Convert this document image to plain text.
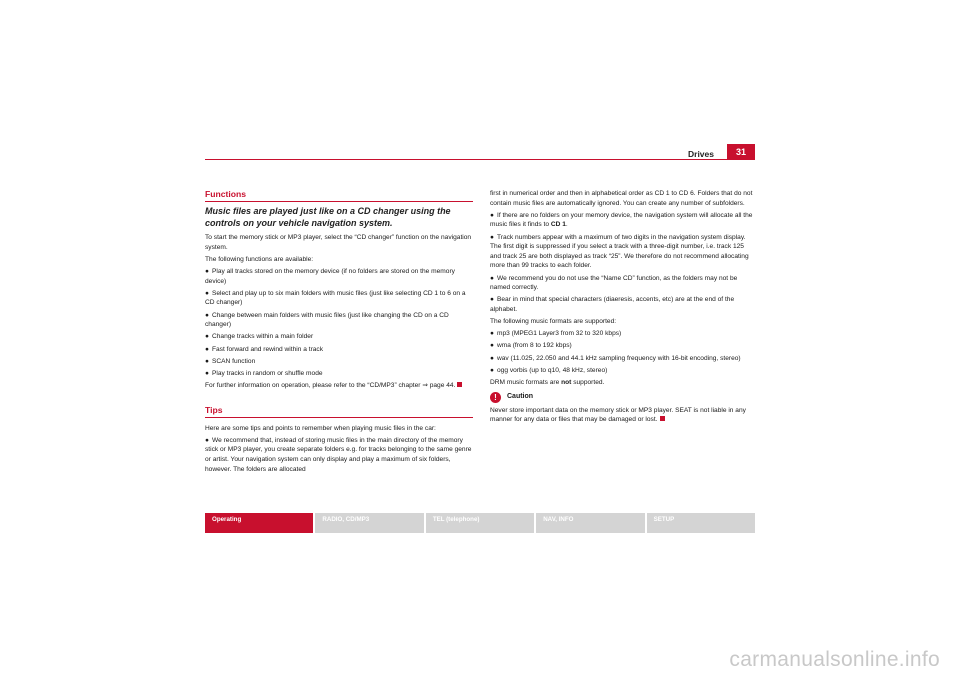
Drives	31
Functions
Music files are played just like on a CD changer using the controls on your vehicle navigation system.

To start the memory stick or MP3 player, select the “CD changer” function on the navigation system.

The following functions are available:

● Play all tracks stored on the memory device (if no folders are stored on the memory device)

● Select and play up to six main folders with music files (just like selecting CD 1 to 6 on a CD changer)

● Change between main folders with music files (just like changing the CD on a CD changer)

● Change tracks within a main folder

● Fast forward and rewind within a track

● SCAN function

● Play tracks in random or shuffle mode

For further information on operation, please refer to the “CD/MP3” chapter ⇒ page 44.

Tips

Here are some tips and points to remember when playing music files in the car:

● We recommend that, instead of storing music files in the main directory of the memory stick or MP3 player, you create separate folders e.g. for tracks belonging to the same genre or artist. Your navigation system can only display and play a maximum of six folders, however. The folders are allocated

first in numerical order and then in alphabetical order as CD 1 to CD 6. Folders that do not contain music files are automatically ignored. You can create any number of subfolders.

● If there are no folders on your memory device, the navigation system will allocate all the music files it finds to CD 1.

● Track numbers appear with a maximum of two digits in the navigation system display. The first digit is suppressed if you select a track with a three-digit number, i.e. track 125 and track 25 are both displayed as track “25”. We therefore do not recommend allocating more than 99 tracks to each folder.

● We recommend you do not use the “Name CD” function, as the folders may not be named correctly.

● Bear in mind that special characters (diaeresis, accents, etc) are at the end of the alphabet.

The following music formats are supported:

● mp3 (MPEG1 Layer3 from 32 to 320 kbps)

● wma (from 8 to 192 kbps)

● wav (11.025, 22.050 and 44.1 kHz sampling frequency with 16-bit encoding, stereo)

● ogg vorbis (up to q10, 48 kHz, stereo)

DRM music formats are not supported.

!	Caution

Never store important data on the memory stick or MP3 player. SEAT is not liable in any manner for any data or files that may be damaged or lost.

Operating	RADIO, CD/MP3	TEL (telephone)	NAV, INFO	SETUP
carmanualsonline.info
